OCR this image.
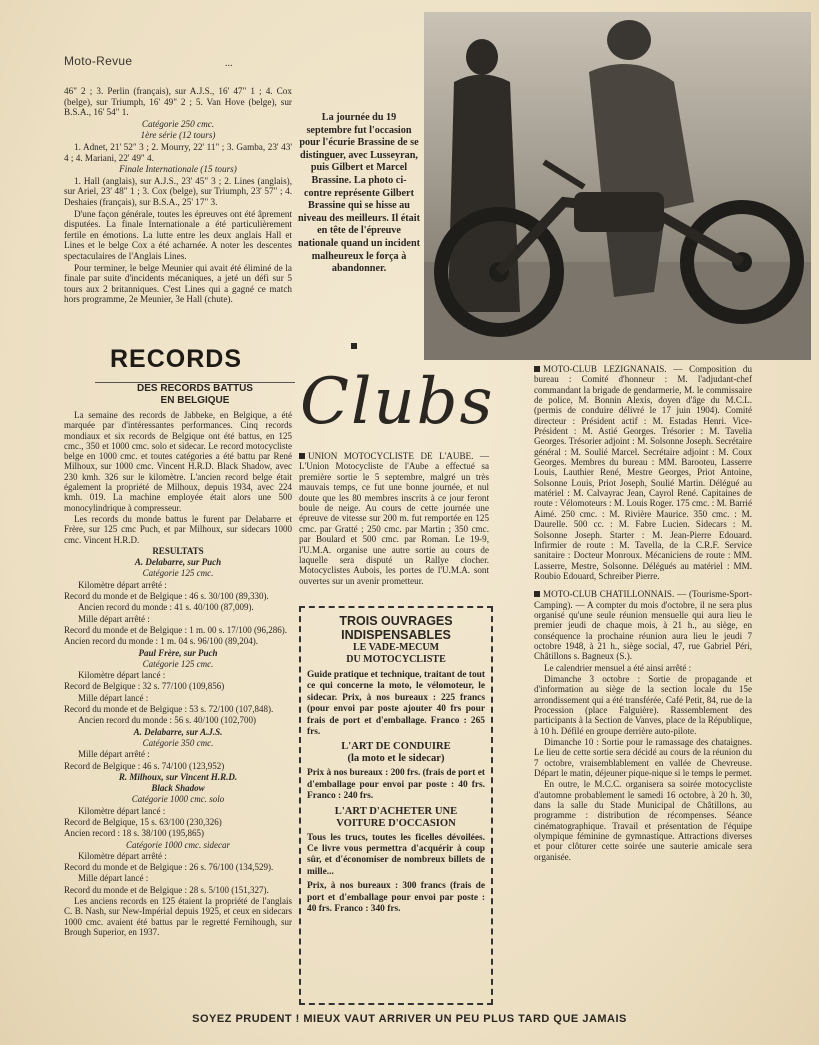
Moto-Revue	...

46" 2 ; 3. Perlin (français), sur A.J.S., 16' 47" 1 ; 4. Cox (belge), sur Triumph, 16' 49" 2 ; 5. Van Hove (belge), sur B.S.A., 16' 54" 1.

Catégorie 250 cmc.

1ère série (12 tours)

1. Adnet, 21' 52" 3 ; 2. Mourry, 22' 11" ; 3. Gamba, 23' 43' 4 ; 4. Mariani, 22' 49" 4.

Finale Internationale (15 tours)

1. Hall (anglais), sur A.J.S., 23' 45" 3 ; 2. Lines (anglais), sur Ariel, 23' 48" 1 ; 3. Cox (belge), sur Triumph, 23' 57" ; 4. Deshaies (français), sur B.S.A., 25' 17" 3.

D'une façon générale, toutes les épreuves ont été âprement disputées. La finale Internationale a été particulièrement fertile en émotions. La lutte entre les deux anglais Hall et Lines et le belge Cox a été acharnée. A noter les descentes spectaculaires de l'Anglais Lines.

Pour terminer, le belge Meunier qui avait été éliminé de la finale par suite d'incidents mécaniques, a jeté un défi sur 5 tours aux 2 britanniques. C'est Lines qui a gagné ce match hors programme, 2e Meunier, 3e Hall (chute).

RECORDS
DES RECORDS BATTUS
EN BELGIQUE

La semaine des records de Jabbeke, en Belgique, a été marquée par d'intéressantes performances. Cinq records mondiaux et six records de Belgique ont été battus, en 125 cmc., 350 et 1000 cmc. solo et sidecar. Le record motocycliste belge en 1000 cmc. et toutes catégories a été battu par René Milhoux, sur 1000 cmc. Vincent H.R.D. Black Shadow, avec 230 kmh. 326 sur le kilomètre. L'ancien record belge était également la propriété de Milhoux, depuis 1934, avec 224 kmh. 019. La machine employée était alors une 500 monocylindrique à compresseur.

Les records du monde battus le furent par Delabarre et Frère, sur 125 cmc Puch, et par Milhoux, sur sidecars 1000 cmc. Vincent H.R.D.

RESULTATS

A. Delabarre, sur Puch

Catégorie 125 cmc.

Kilomètre départ arrêté :

Record du monde et de Belgique : 46 s. 30/100 (89,330).

Ancien record du monde : 41 s. 40/100 (87,009).

Mille départ arrêté :

Record du monde et de Belgique : 1 m. 00 s. 17/100 (96,286).

Ancien record du monde : 1 m. 04 s. 96/100 (89,204).

Paul Frère, sur Puch

Catégorie 125 cmc.

Kilomètre départ lancé :

Record de Belgique : 32 s. 77/100 (109,856)

Mille départ lancé :

Record du monde et de Belgique : 53 s. 72/100 (107,848).

Ancien record du monde : 56 s. 40/100 (102,700)

A. Delabarre, sur A.J.S.

Catégorie 350 cmc.

Mille départ arrêté :

Record de Belgique : 46 s. 74/100 (123,952)

R. Milhoux, sur Vincent H.R.D.

Black Shadow

Catégorie 1000 cmc. solo

Kilomètre départ lancé :

Record de Belgique, 15 s. 63/100 (230,326)

Ancien record : 18 s. 38/100 (195,865)

Catégorie 1000 cmc. sidecar

Kilomètre départ arrêté :

Record du monde et de Belgique : 26 s. 76/100 (134,529).

Mille départ lancé :

Record du monde et de Belgique : 28 s. 5/100 (151,327).

Les anciens records en 125 étaient la propriété de l'anglais C. B. Nash, sur New-Impérial depuis 1925, et ceux en sidecars 1000 cmc. avaient été battus par le regretté Fernihough, sur Brough Superior, en 1937.

La journée du 19 septembre fut l'occasion pour l'écurie Brassine de se distinguer, avec Lusseyran, puis Gilbert et Marcel Brassine. La photo ci-contre représente Gilbert Brassine qui se hisse au niveau des meilleurs. Il était en tête de l'épreuve nationale quand un incident malheureux le força à abandonner.
Clubs

UNION MOTOCYCLISTE DE L'AUBE. — L'Union Motocycliste de l'Aube a effectué sa première sortie le 5 septembre, malgré un très mauvais temps, ce fut une bonne journée, et nul doute que les 80 membres inscrits à ce jour feront boule de neige. Au cours de cette journée une épreuve de vitesse sur 200 m. fut remportée en 125 cmc. par Gratté ; 250 cmc. par Martin ; 350 cmc. par Boulard et 500 cmc. par Roman. Le 19-9, l'U.M.A. organise une autre sortie au cours de laquelle sera disputé un Rallye clocher. Motocyclistes Aubois, les portes de l'U.M.A. sont ouvertes sur un avenir prometteur.

TROIS OUVRAGES
INDISPENSABLES
LE VADE-MECUM
DU MOTOCYCLISTE

Guide pratique et technique, traitant de tout ce qui concerne la moto, le vélomoteur, le sidecar. Prix, à nos bureaux : 225 francs (pour envoi par poste ajouter 40 frs pour frais de port et d'emballage. Franco : 265 frs.

L'ART DE CONDUIRE
(la moto et le sidecar)

Prix à nos bureaux : 200 frs. (frais de port et d'emballage pour envoi par poste : 40 frs. Franco : 240 frs.

L'ART D'ACHETER UNE
VOITURE D'OCCASION

Tous les trucs, toutes les ficelles dévoilées. Ce livre vous permettra d'acquérir à coup sûr, et d'économiser de nombreux billets de mille...

Prix, à nos bureaux : 300 francs (frais de port et d'emballage pour envoi par poste : 40 frs. Franco : 340 frs.

MOTO-CLUB LEZIGNANAIS. — Composition du bureau : Comité d'honneur : M. l'adjudant-chef commandant la brigade de gendarmerie, M. le commissaire de police, M. Bonnin Alexis, doyen d'âge du M.C.L. (permis de conduire délivré le 17 juin 1904). Comité directeur : Président actif : M. Estadas Henri. Vice-Président : M. Astié Georges. Trésorier : M. Tavelia Georges. Trésorier adjoint : M. Solsonne Joseph. Secrétaire général : M. Soulié Marcel. Secrétaire adjoint : M. Coux Georges. Membres du bureau : MM. Barooteu, Lasserre Louis, Lauthier René, Mestre Georges, Priot Antoine, Solsonne Louis, Priot Joseph, Soulié Martin. Délégué au matériel : M. Calvayrac Jean, Cayrol René. Capitaines de route : Vélomoteurs : M. Louis Roger. 175 cmc. : M. Barrié Aimé. 250 cmc. : M. Rivière Maurice. 350 cmc. : M. Daurelle. 500 cc. : M. Fabre Lucien. Sidecars : M. Solsonne Joseph. Starter : M. Jean-Pierre Edouard. Infirmier de route : M. Tavella, de la C.R.F. Service sanitaire : Docteur Monroux. Mécaniciens de route : MM. Lasserre, Mestre, Solsonne. Délégués au matériel : MM. Roubio Edouard, Schreiber Pierre.

MOTO-CLUB CHATILLONNAIS. — (Tourisme-Sport-Camping). — A compter du mois d'octobre, il ne sera plus organisé qu'une seule réunion mensuelle qui aura lieu le premier jeudi de chaque mois, à 21 h., au siège, en conséquence la prochaine réunion aura lieu le jeudi 7 octobre 1948, à 21 h., siège social, 47, rue Gabriel Péri, Châtillons s. Bagneux (S.).

Le calendrier mensuel a été ainsi arrêté :

Dimanche 3 octobre : Sortie de propagande et d'information au siège de la section locale du 15e arrondissement qui a été transférée, Café Petit, 84, rue de la Procession (place Falguière). Rassemblement des participants à la Section de Vanves, place de la République, à 10 h. Défilé en groupe derrière auto-pilote.

Dimanche 10 : Sortie pour le ramassage des chataignes. Le lieu de cette sortie sera décidé au cours de la réunion du 7 octobre, vraisemblablement en vallée de Chevreuse. Départ le matin, déjeuner pique-nique si le temps le permet.

En outre, le M.C.C. organisera sa soirée motocycliste d'automne probablement le samedi 16 octobre, à 20 h. 30, dans la salle du Stade Municipal de Châtillons, au programme : distribution de récompenses. Séance cinématographique. Travail et présentation de l'équipe olympique féminine de gymnastique. Attractions diverses et pour clôturer cette soirée une sauterie amicale sera organisée.

SOYEZ PRUDENT ! MIEUX VAUT ARRIVER UN PEU PLUS TARD QUE JAMAIS
